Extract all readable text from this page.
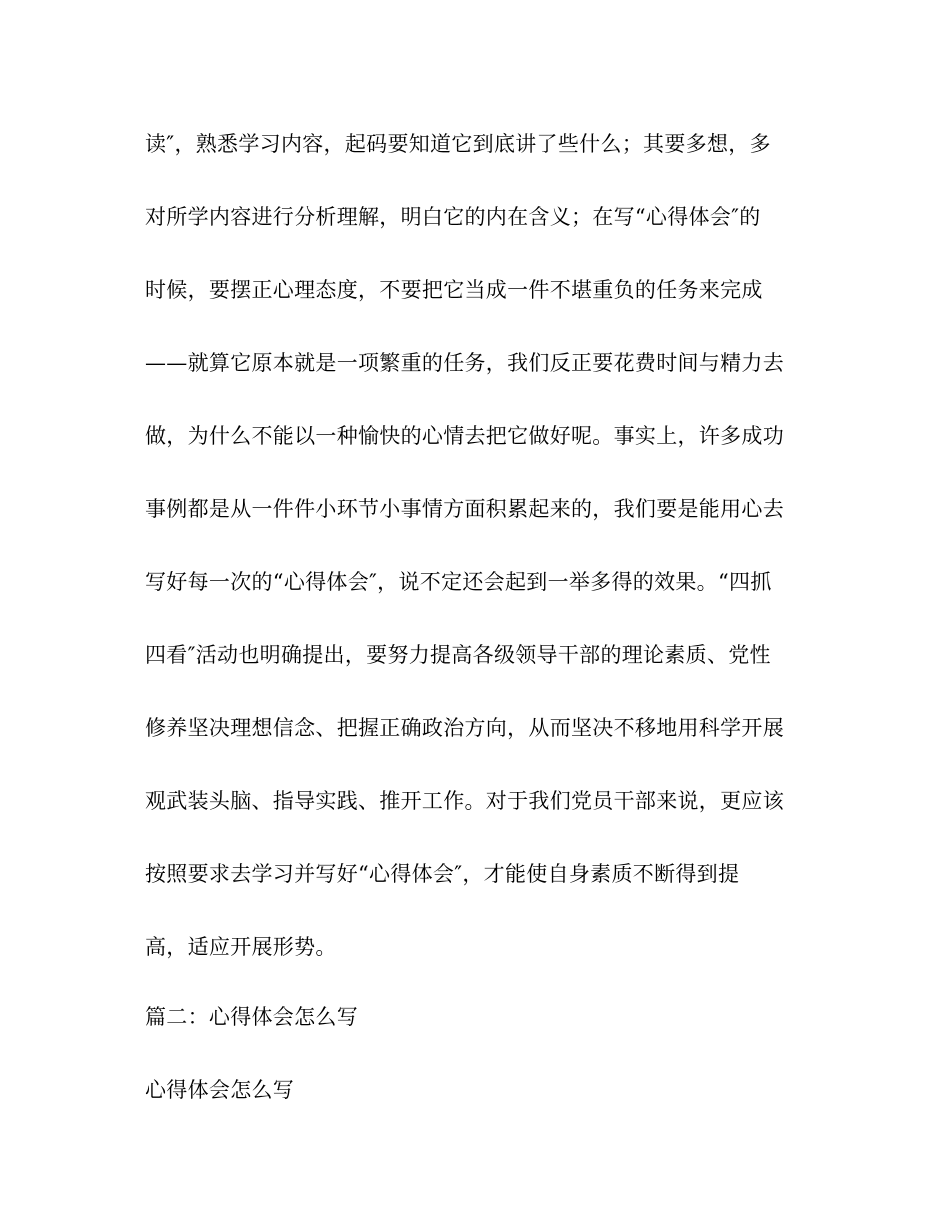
读″，熟悉学习内容，起码要知道它到底讲了些什么；其要多想，多
对所学内容进行分析理解，明白它的内在含义；在写“心得体会″的
时候，要摆正心理态度，不要把它当成一件不堪重负的任务来完成
——就算它原本就是一项繁重的任务，我们反正要花费时间与精力去
做，为什么不能以一种愉快的心情去把它做好呢。事实上，许多成功
事例都是从一件件小环节小事情方面积累起来的，我们要是能用心去
写好每一次的“心得体会″，说不定还会起到一举多得的效果。“四抓
四看″活动也明确提出，要努力提高各级领导干部的理论素质、党性
修养坚决理想信念、把握正确政治方向，从而坚决不移地用科学开展
观武装头脑、指导实践、推开工作。对于我们党员干部来说，更应该
按照要求去学习并写好“心得体会″，才能使自身素质不断得到提
高，适应开展形势。
篇二：心得体会怎么写
心得体会怎么写
